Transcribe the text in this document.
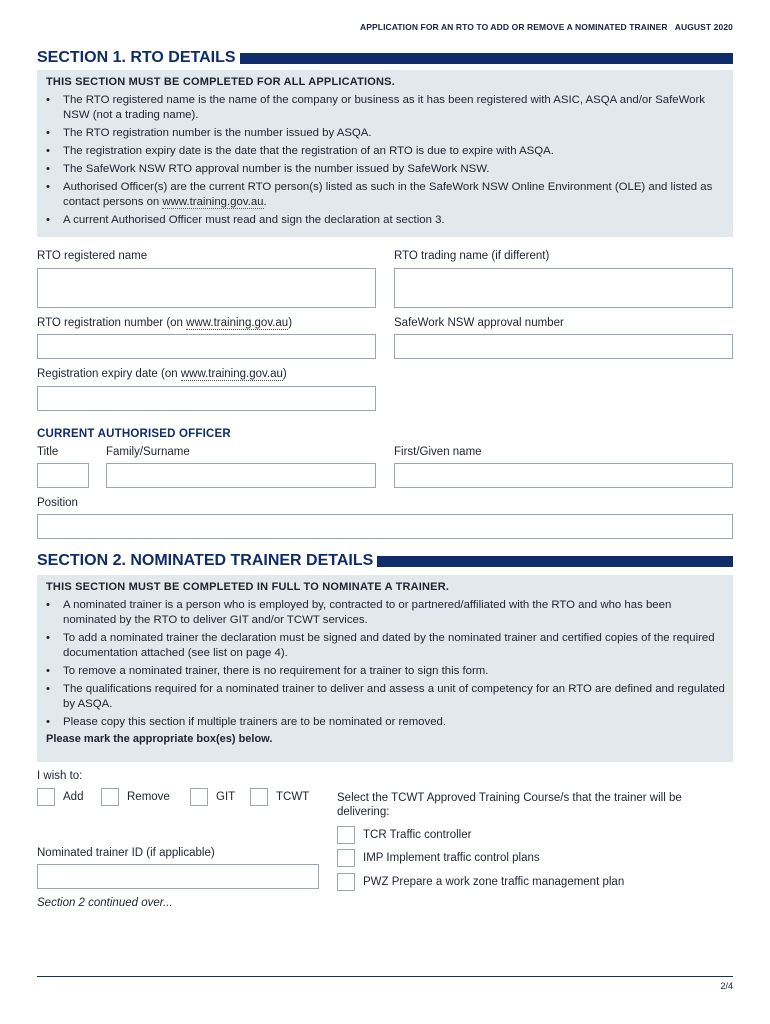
APPLICATION FOR AN RTO TO ADD OR REMOVE A NOMINATED TRAINER   AUGUST 2020
SECTION 1. RTO DETAILS
THIS SECTION MUST BE COMPLETED FOR ALL APPLICATIONS.
• The RTO registered name is the name of the company or business as it has been registered with ASIC, ASQA and/or SafeWork NSW (not a trading name).
• The RTO registration number is the number issued by ASQA.
• The registration expiry date is the date that the registration of an RTO is due to expire with ASQA.
• The SafeWork NSW RTO approval number is the number issued by SafeWork NSW.
• Authorised Officer(s) are the current RTO person(s) listed as such in the SafeWork NSW Online Environment (OLE) and listed as contact persons on www.training.gov.au.
• A current Authorised Officer must read and sign the declaration at section 3.
RTO registered name	RTO trading name (if different)
RTO registration number (on www.training.gov.au)	SafeWork NSW approval number
Registration expiry date (on www.training.gov.au)
CURRENT AUTHORISED OFFICER
Title	Family/Surname	First/Given name
Position
SECTION 2. NOMINATED TRAINER DETAILS
THIS SECTION MUST BE COMPLETED IN FULL TO NOMINATE A TRAINER.
• A nominated trainer is a person who is employed by, contracted to or partnered/affiliated with the RTO and who has been nominated by the RTO to deliver GIT and/or TCWT services.
• To add a nominated trainer the declaration must be signed and dated by the nominated trainer and certified copies of the required documentation attached (see list on page 4).
• To remove a nominated trainer, there is no requirement for a trainer to sign this form.
• The qualifications required for a nominated trainer to deliver and assess a unit of competency for an RTO are defined and regulated by ASQA.
• Please copy this section if multiple trainers are to be nominated or removed.
Please mark the appropriate box(es) below.
I wish to:
Add	Remove	GIT	TCWT Select the TCWT Approved Training Course/s that the trainer will be delivering:
TCR Traffic controller
IMP Implement traffic control plans
PWZ Prepare a work zone traffic management plan
Nominated trainer ID (if applicable)
Section 2 continued over...
2/4
